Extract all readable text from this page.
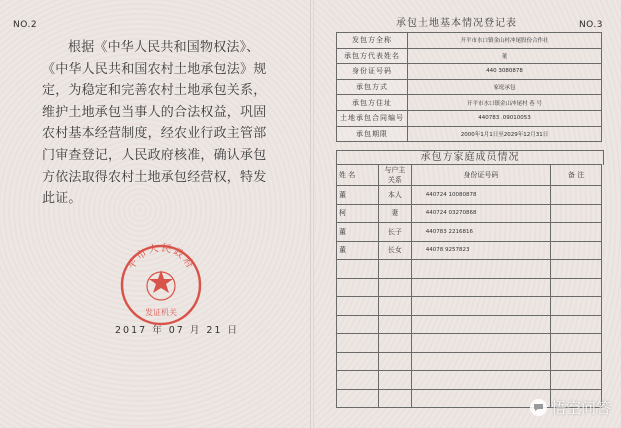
NO.2

根据《中华人民共和国物权法》、《中华人民共和国农村土地承包法》规定，为稳定和完善农村土地承包关系，维护土地承包当事人的合法权益，巩固农村基本经营制度，经农业行政主管部门审查登记，人民政府核准，确认承包方依法取得农村土地承包经营权，特发此证。

平市人民政府
发证机关
2017 年 07 月 21 日
NO.3
承包土地基本情况登记表
发包方全称	开平市水口镇金山村冲尾股份合作社
承包方代表姓名	董
身份证号码	440 3080878
承包方式	家庭承包
承包方住址	开平市水口镇金山冲尾村 巷 号
土地承包合同编号	440783 .09010053
承包期限	2000年1月1日至2029年12月31日
承包方家庭成员情况
姓 名	与户主关系	身份证号码	备 注
董	本人	440724 10080878	
柯	妻	440724 03270868	
董	长子	440783 2216816	
董	长女	44078 9257823	

悟空问答
